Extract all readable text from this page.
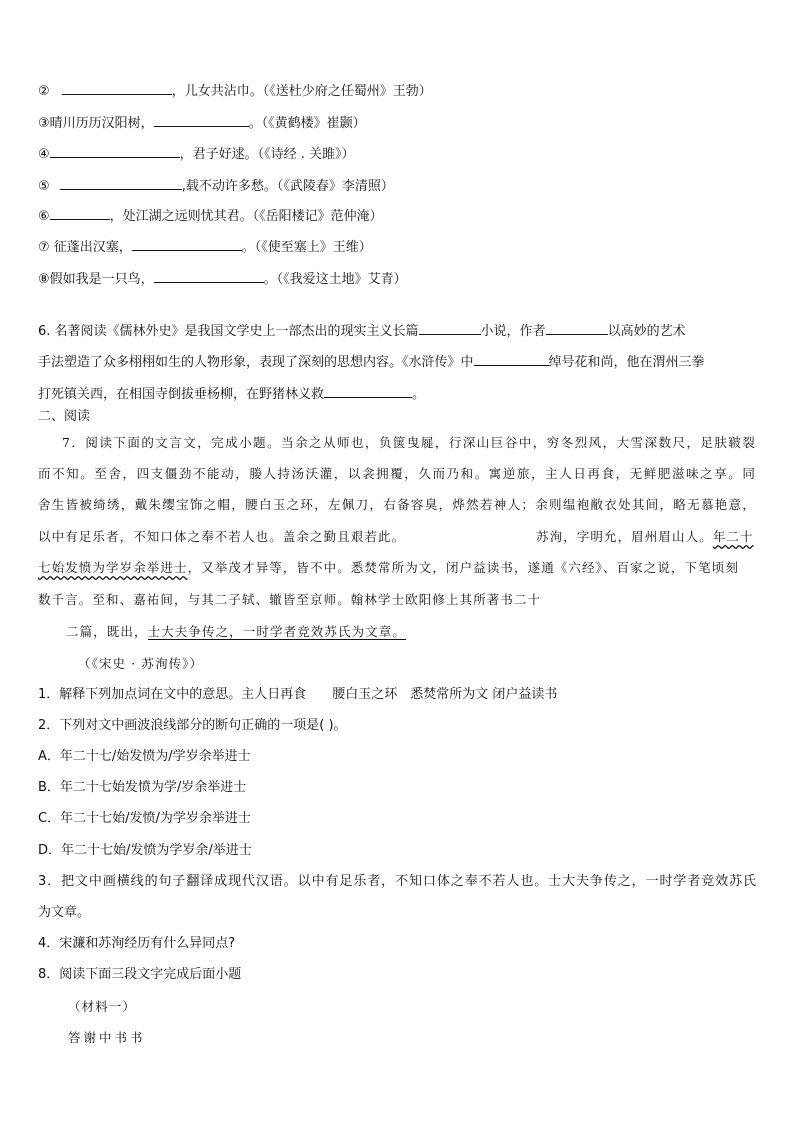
②	，儿女共沾巾。（《送杜少府之任蜀州》王勃）
③晴川历历汉阳树，	。（《黄鹤楼》崔颢）
④	，君子好逑。（《诗经 . 关雎》）
⑤	,载不动许多愁。（《武陵春》李清照）
⑥	，处江湖之远则忧其君。（《岳阳楼记》范仲淹）
⑦ 征蓬出汉塞，	。（《使至塞上》王维）
⑧假如我是一只鸟，	。（《我爱这土地》艾青）
6. 名著阅读《儒林外史》是我国文学史上一部杰出的现实主义长篇	小说，作者	以高妙的艺术
手法塑造了众多栩栩如生的人物形象，表现了深刻的思想内容。《水浒传》中	绰号花和尚，他在渭州三拳
打死镇关西，在相国寺倒拔垂杨柳，在野猪林义救	。
二、阅读
7．阅读下面的文言文，完成小题。当余之从师也，负箧曳屣，行深山巨谷中，穷冬烈风，大雪深数尺，足肤皲裂
而不知。至舍，四支僵劲不能动，媵人持汤沃灌，以衾拥覆，久而乃和。寓逆旅，主人日再食，无鲜肥滋味之享。同
舍生皆被绮绣，戴朱缨宝饰之帽，腰白玉之环，左佩刀，右备容臭，烨然若神人；余则缊袍敝衣处其间，略无慕艳意，
以中有足乐者，不知口体之奉不若人也。盖余之勤且艰若此。	苏洵，字明允，眉州眉山人。年二十
七始发愤为学岁余举进士，又举茂才异等，皆不中。悉焚常所为文，闭户益读书，遂通《六经》、百家之说，下笔顷刻
数千言。至和、嘉祐间，与其二子轼、辙皆至京师。翰林学士欧阳修上其所著书二十
二篇，既出，士大夫争传之，一时学者竞效苏氏为文章。
（《宋史 · 苏洵传》）
1．解释下列加点词在文中的意思。主人日再食　　腰白玉之环　悉焚常所为文 闭户益读书
2．下列对文中画波浪线部分的断句正确的一项是( )。
A．年二十七/始发愤为/学岁余举进士
B．年二十七始发愤为学/岁余举进士
C．年二十七始/发愤/为学岁余举进士
D．年二十七始/发愤为学岁余/举进士
3．把文中画横线的句子翻译成现代汉语。以中有足乐者，不知口体之奉不若人也。士大夫争传之，一时学者竞效苏氏
为文章。
4．宋濂和苏洵经历有什么异同点?
8．阅读下面三段文字完成后面小题
（材料一）
答谢中书书
